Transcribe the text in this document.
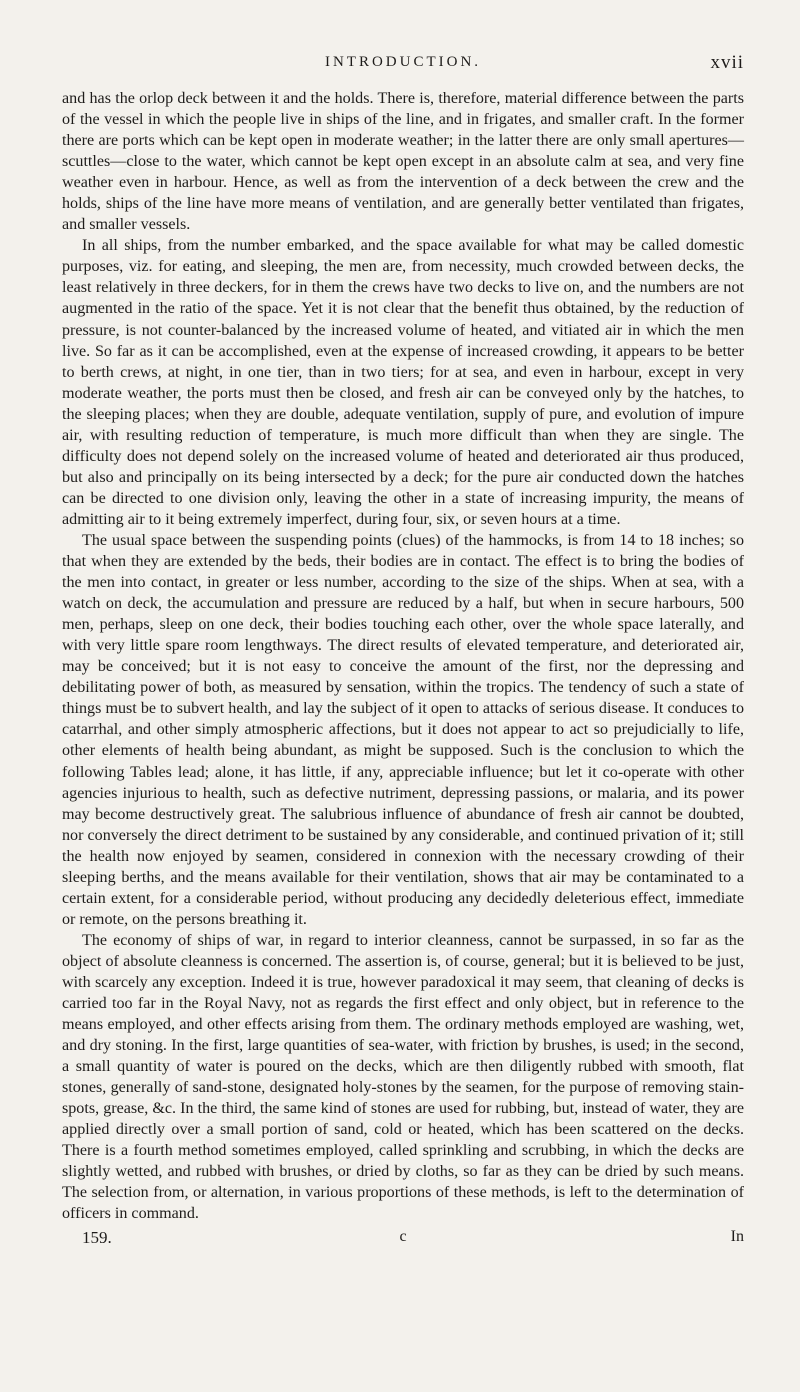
INTRODUCTION.	xvii

and has the orlop deck between it and the holds. There is, therefore, material difference between the parts of the vessel in which the people live in ships of the line, and in frigates, and smaller craft. In the former there are ports which can be kept open in moderate weather; in the latter there are only small apertures—scuttles—close to the water, which cannot be kept open except in an absolute calm at sea, and very fine weather even in harbour. Hence, as well as from the intervention of a deck between the crew and the holds, ships of the line have more means of ventilation, and are generally better ventilated than frigates, and smaller vessels.

In all ships, from the number embarked, and the space available for what may be called domestic purposes, viz. for eating, and sleeping, the men are, from necessity, much crowded between decks, the least relatively in three deckers, for in them the crews have two decks to live on, and the numbers are not augmented in the ratio of the space. Yet it is not clear that the benefit thus obtained, by the reduction of pressure, is not counter-balanced by the increased volume of heated, and vitiated air in which the men live. So far as it can be accomplished, even at the expense of increased crowding, it appears to be better to berth crews, at night, in one tier, than in two tiers; for at sea, and even in harbour, except in very moderate weather, the ports must then be closed, and fresh air can be conveyed only by the hatches, to the sleeping places; when they are double, adequate ventilation, supply of pure, and evolution of impure air, with resulting reduction of temperature, is much more difficult than when they are single. The difficulty does not depend solely on the increased volume of heated and deteriorated air thus produced, but also and principally on its being intersected by a deck; for the pure air conducted down the hatches can be directed to one division only, leaving the other in a state of increasing impurity, the means of admitting air to it being extremely imperfect, during four, six, or seven hours at a time.

The usual space between the suspending points (clues) of the hammocks, is from 14 to 18 inches; so that when they are extended by the beds, their bodies are in contact. The effect is to bring the bodies of the men into contact, in greater or less number, according to the size of the ships. When at sea, with a watch on deck, the accumulation and pressure are reduced by a half, but when in secure harbours, 500 men, perhaps, sleep on one deck, their bodies touching each other, over the whole space laterally, and with very little spare room lengthways. The direct results of elevated temperature, and deteriorated air, may be conceived; but it is not easy to conceive the amount of the first, nor the depressing and debilitating power of both, as measured by sensation, within the tropics. The tendency of such a state of things must be to subvert health, and lay the subject of it open to attacks of serious disease. It conduces to catarrhal, and other simply atmospheric affections, but it does not appear to act so prejudicially to life, other elements of health being abundant, as might be supposed. Such is the conclusion to which the following Tables lead; alone, it has little, if any, appreciable influence; but let it co-operate with other agencies injurious to health, such as defective nutriment, depressing passions, or malaria, and its power may become destructively great. The salubrious influence of abundance of fresh air cannot be doubted, nor conversely the direct detriment to be sustained by any considerable, and continued privation of it; still the health now enjoyed by seamen, considered in connexion with the necessary crowding of their sleeping berths, and the means available for their ventilation, shows that air may be contaminated to a certain extent, for a considerable period, without producing any decidedly deleterious effect, immediate or remote, on the persons breathing it.

The economy of ships of war, in regard to interior cleanness, cannot be surpassed, in so far as the object of absolute cleanness is concerned. The assertion is, of course, general; but it is believed to be just, with scarcely any exception. Indeed it is true, however paradoxical it may seem, that cleaning of decks is carried too far in the Royal Navy, not as regards the first effect and only object, but in reference to the means employed, and other effects arising from them. The ordinary methods employed are washing, wet, and dry stoning. In the first, large quantities of sea-water, with friction by brushes, is used; in the second, a small quantity of water is poured on the decks, which are then diligently rubbed with smooth, flat stones, generally of sand-stone, designated holy-stones by the seamen, for the purpose of removing stain-spots, grease, &c. In the third, the same kind of stones are used for rubbing, but, instead of water, they are applied directly over a small portion of sand, cold or heated, which has been scattered on the decks. There is a fourth method sometimes employed, called sprinkling and scrubbing, in which the decks are slightly wetted, and rubbed with brushes, or dried by cloths, so far as they can be dried by such means. The selection from, or alternation, in various proportions of these methods, is left to the determination of officers in command.

159.	c	In
